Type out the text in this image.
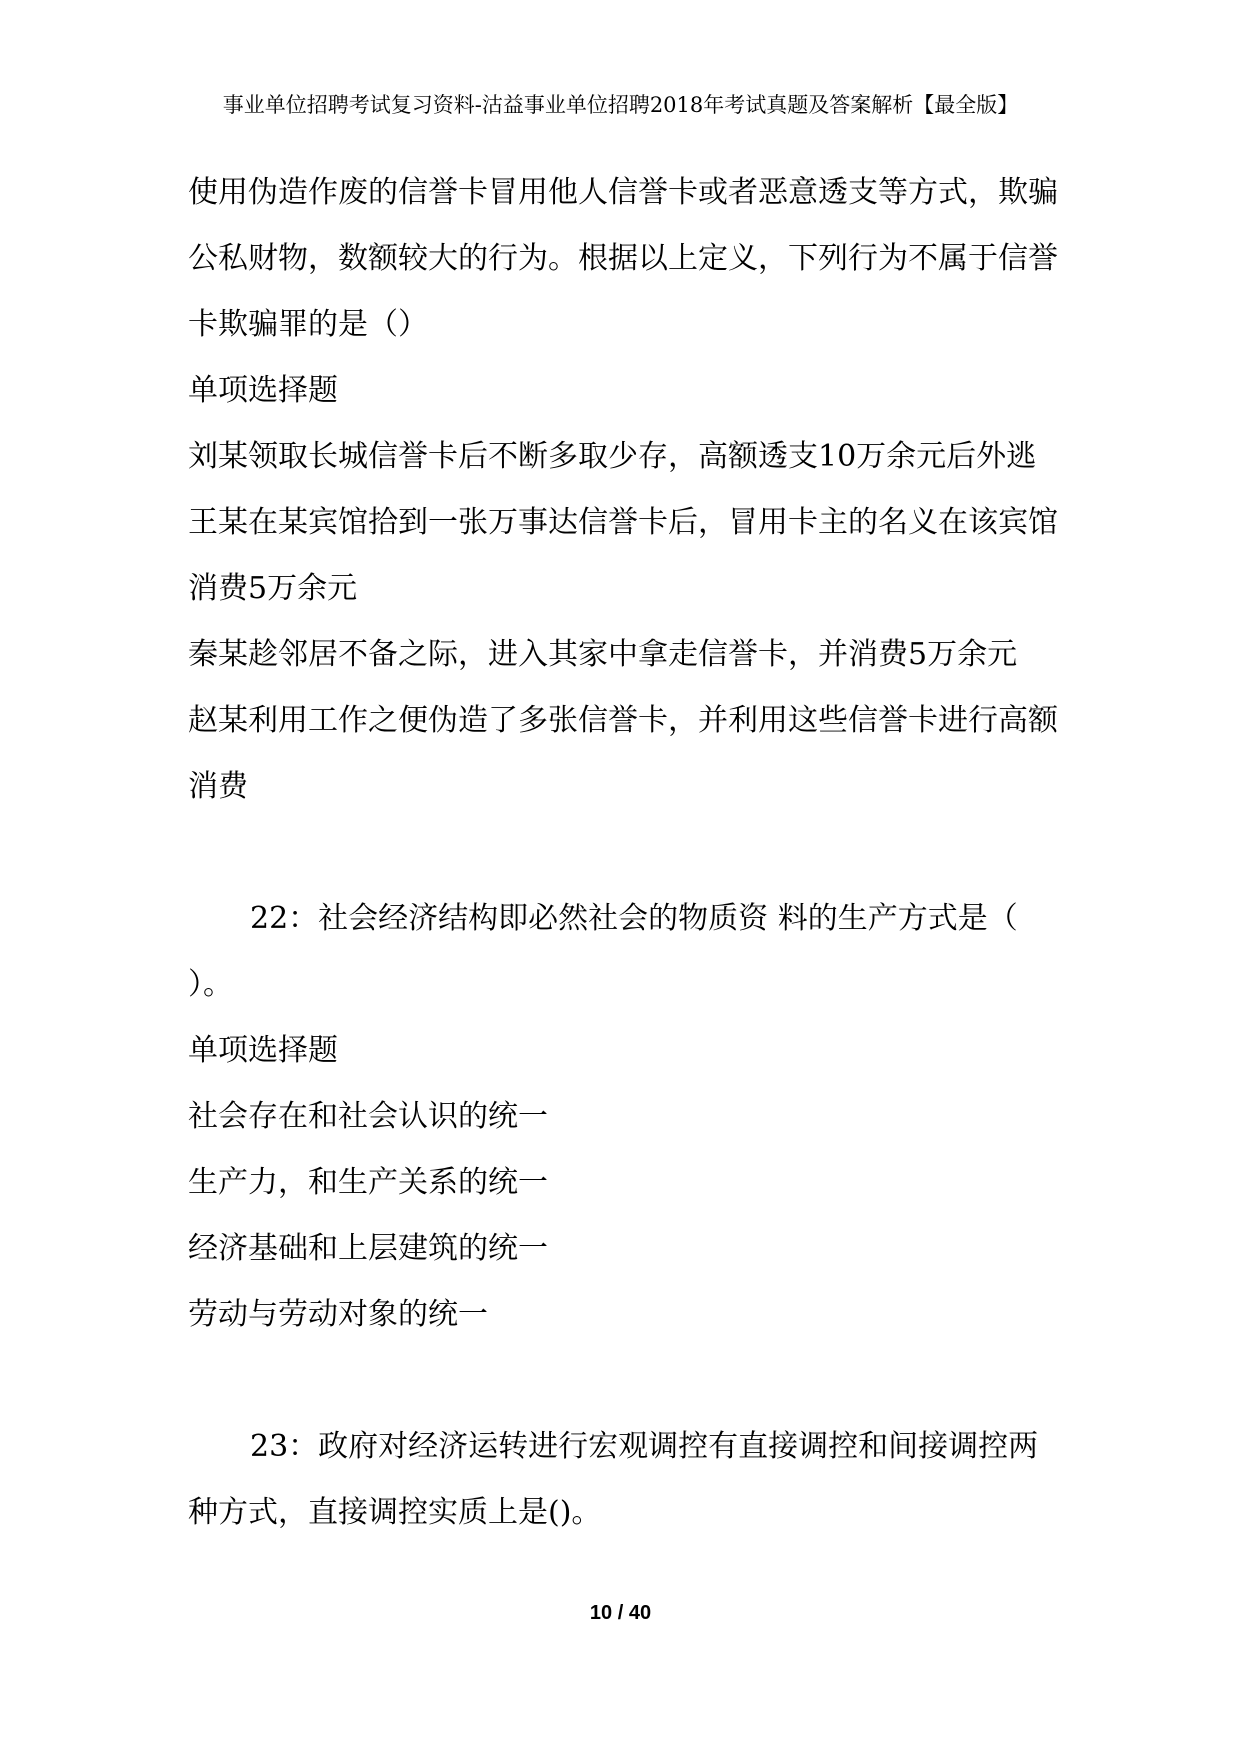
事业单位招聘考试复习资料-沽益事业单位招聘2018年考试真题及答案解析【最全版】

使用伪造作废的信誉卡冒用他人信誉卡或者恶意透支等方式，欺骗公私财物，数额较大的行为。根据以上定义，下列行为不属于信誉卡欺骗罪的是（）

单项选择题

刘某领取长城信誉卡后不断多取少存，高额透支10万余元后外逃

王某在某宾馆拾到一张万事达信誉卡后，冒用卡主的名义在该宾馆消费5万余元

秦某趁邻居不备之际，进入其家中拿走信誉卡，并消费5万余元

赵某利用工作之便伪造了多张信誉卡，并利用这些信誉卡进行高额消费

22：社会经济结构即必然社会的物质资 料的生产方式是（ ）。

单项选择题

社会存在和社会认识的统一

生产力，和生产关系的统一

经济基础和上层建筑的统一

劳动与劳动对象的统一

23：政府对经济运转进行宏观调控有直接调控和间接调控两种方式，直接调控实质上是()。

10 / 40
